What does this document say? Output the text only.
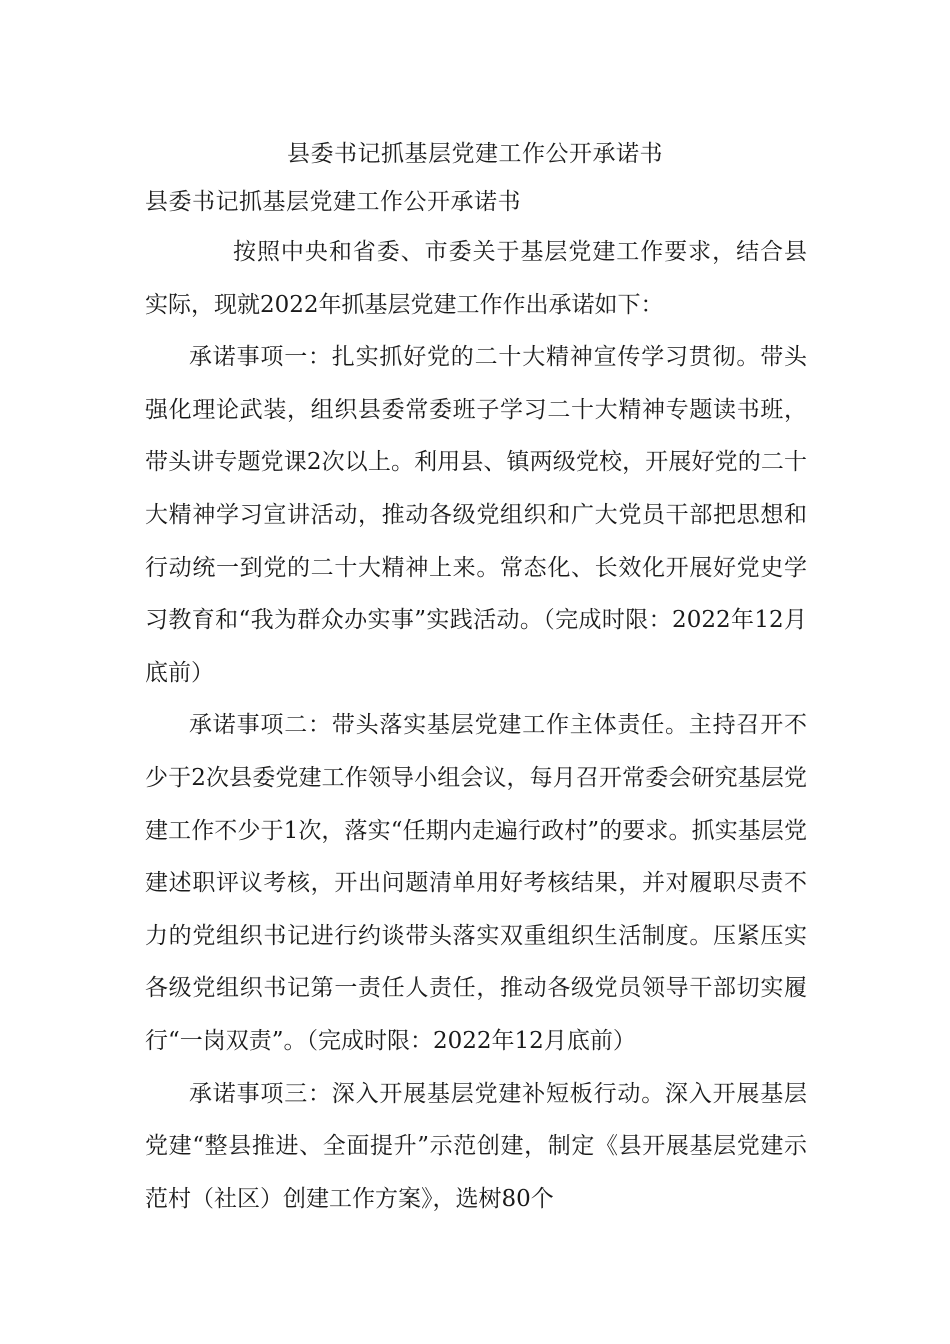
县委书记抓基层党建工作公开承诺书
县委书记抓基层党建工作公开承诺书

按照中央和省委、市委关于基层党建工作要求，结合县实际，现就2022年抓基层党建工作作出承诺如下：

承诺事项一：扎实抓好党的二十大精神宣传学习贯彻。带头强化理论武装，组织县委常委班子学习二十大精神专题读书班，带头讲专题党课2次以上。利用县、镇两级党校，开展好党的二十大精神学习宣讲活动，推动各级党组织和广大党员干部把思想和行动统一到党的二十大精神上来。常态化、长效化开展好党史学习教育和“我为群众办实事”实践活动。（完成时限：2022年12月底前）

承诺事项二：带头落实基层党建工作主体责任。主持召开不少于2次县委党建工作领导小组会议，每月召开常委会研究基层党建工作不少于1次，落实“任期内走遍行政村”的要求。抓实基层党建述职评议考核，开出问题清单用好考核结果，并对履职尽责不力的党组织书记进行约谈带头落实双重组织生活制度。压紧压实各级党组织书记第一责任人责任，推动各级党员领导干部切实履行“一岗双责”。（完成时限：2022年12月底前）

承诺事项三：深入开展基层党建补短板行动。深入开展基层党建“整县推进、全面提升”示范创建，制定《县开展基层党建示范村（社区）创建工作方案》，选树80个
